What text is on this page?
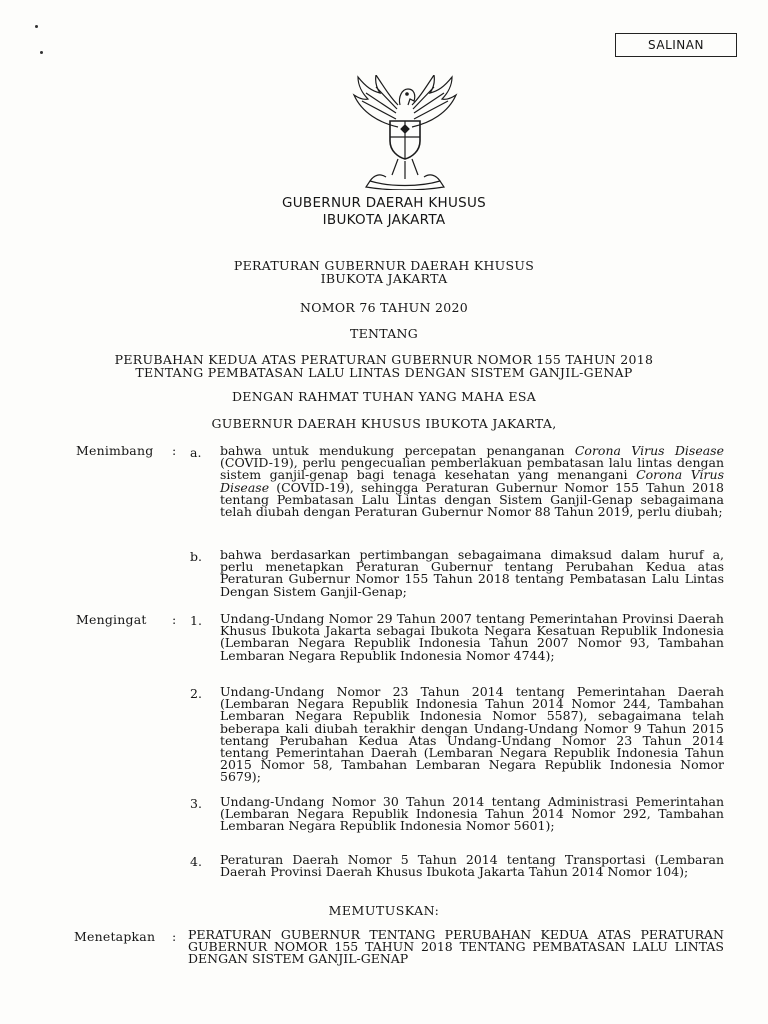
SALINAN
GUBERNUR DAERAH KHUSUS
IBUKOTA JAKARTA
PERATURAN GUBERNUR DAERAH KHUSUS
IBUKOTA JAKARTA
NOMOR 76 TAHUN 2020
TENTANG
PERUBAHAN KEDUA ATAS PERATURAN GUBERNUR NOMOR 155 TAHUN 2018
TENTANG PEMBATASAN LALU LINTAS DENGAN SISTEM GANJIL-GENAP
DENGAN RAHMAT TUHAN YANG MAHA ESA
GUBERNUR DAERAH KHUSUS IBUKOTA JAKARTA,
Menimbang : a. bahwa untuk mendukung percepatan penanganan Corona Virus Disease (COVID-19), perlu pengecualian pemberlakuan pembatasan lalu lintas dengan sistem ganjil-genap bagi tenaga kesehatan yang menangani Corona Virus Disease (COVID-19), sehingga Peraturan Gubernur Nomor 155 Tahun 2018 tentang Pembatasan Lalu Lintas dengan Sistem Ganjil-Genap sebagaimana telah diubah dengan Peraturan Gubernur Nomor 88 Tahun 2019, perlu diubah;
b. bahwa berdasarkan pertimbangan sebagaimana dimaksud dalam huruf a, perlu menetapkan Peraturan Gubernur tentang Perubahan Kedua atas Peraturan Gubernur Nomor 155 Tahun 2018 tentang Pembatasan Lalu Lintas Dengan Sistem Ganjil-Genap;
Mengingat : 1. Undang-Undang Nomor 29 Tahun 2007 tentang Pemerintahan Provinsi Daerah Khusus Ibukota Jakarta sebagai Ibukota Negara Kesatuan Republik Indonesia (Lembaran Negara Republik Indonesia Tahun 2007 Nomor 93, Tambahan Lembaran Negara Republik Indonesia Nomor 4744);
2. Undang-Undang Nomor 23 Tahun 2014 tentang Pemerintahan Daerah (Lembaran Negara Republik Indonesia Tahun 2014 Nomor 244, Tambahan Lembaran Negara Republik Indonesia Nomor 5587), sebagaimana telah beberapa kali diubah terakhir dengan Undang-Undang Nomor 9 Tahun 2015 tentang Perubahan Kedua Atas Undang-Undang Nomor 23 Tahun 2014 tentang Pemerintahan Daerah (Lembaran Negara Republik Indonesia Tahun 2015 Nomor 58, Tambahan Lembaran Negara Republik Indonesia Nomor 5679);
3. Undang-Undang Nomor 30 Tahun 2014 tentang Administrasi Pemerintahan (Lembaran Negara Republik Indonesia Tahun 2014 Nomor 292, Tambahan Lembaran Negara Republik Indonesia Nomor 5601);
4. Peraturan Daerah Nomor 5 Tahun 2014 tentang Transportasi (Lembaran Daerah Provinsi Daerah Khusus Ibukota Jakarta Tahun 2014 Nomor 104);
MEMUTUSKAN:
Menetapkan : PERATURAN GUBERNUR TENTANG PERUBAHAN KEDUA ATAS PERATURAN GUBERNUR NOMOR 155 TAHUN 2018 TENTANG PEMBATASAN LALU LINTAS DENGAN SISTEM GANJIL-GENAP
